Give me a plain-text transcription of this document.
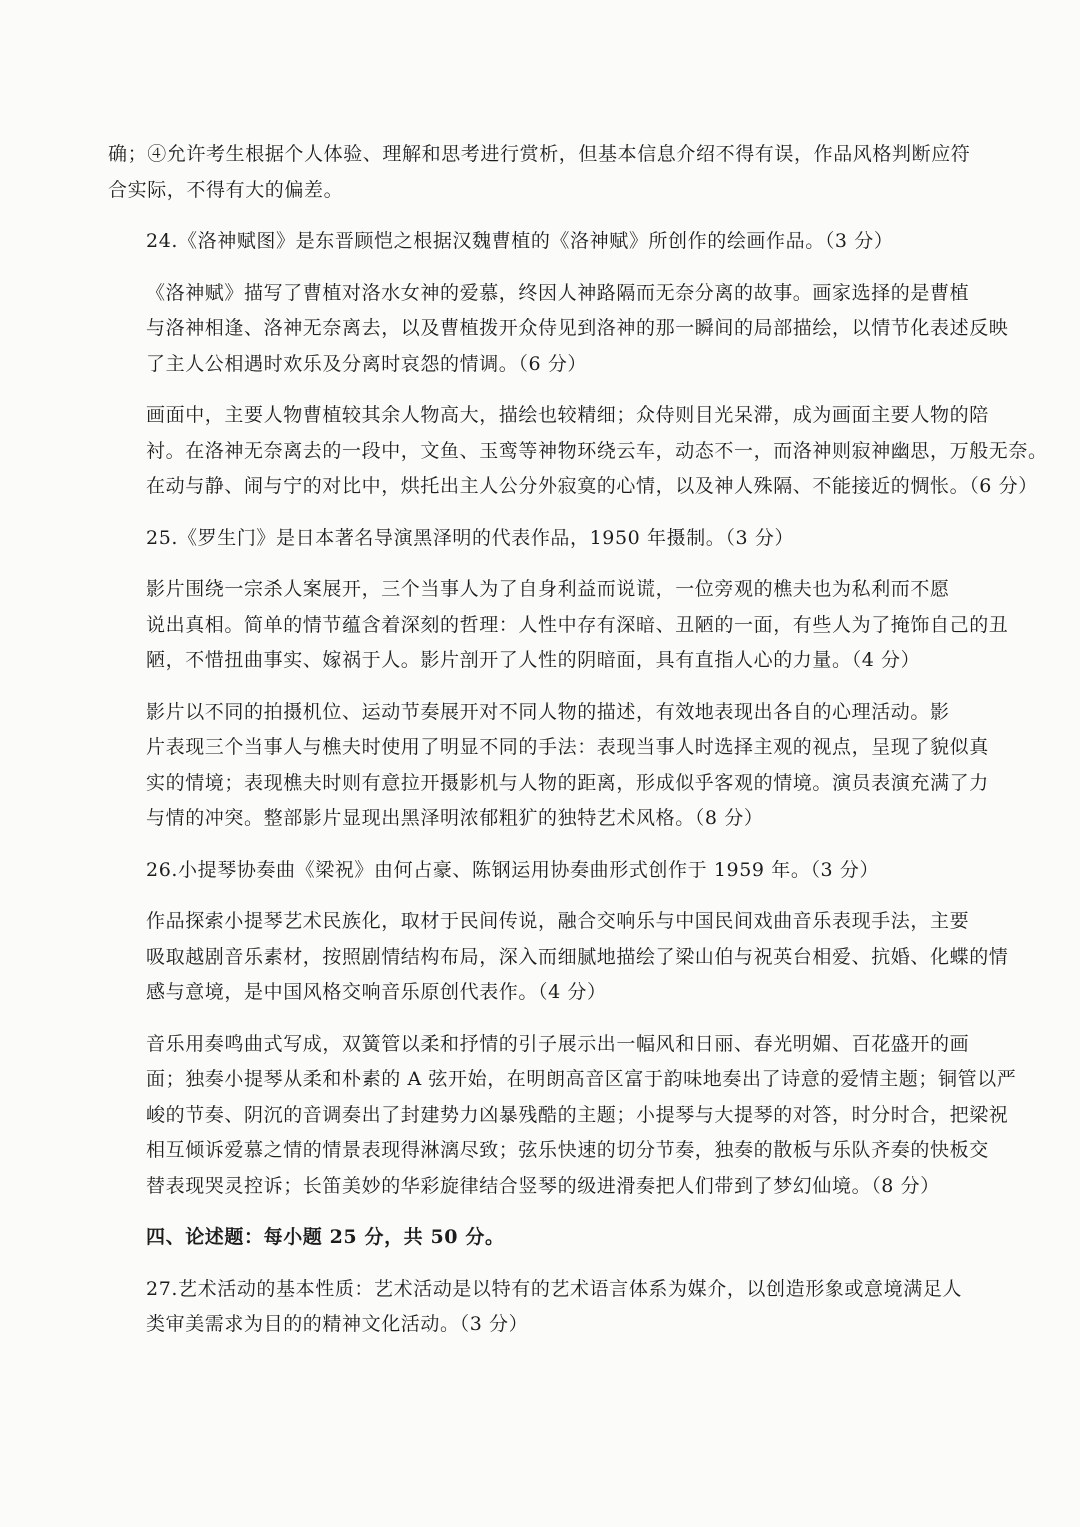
确；④允许考生根据个人体验、理解和思考进行赏析，但基本信息介绍不得有误，作品风格判断应符
合实际，不得有大的偏差。
24.《洛神赋图》是东晋顾恺之根据汉魏曹植的《洛神赋》所创作的绘画作品。（3 分）
《洛神赋》描写了曹植对洛水女神的爱慕，终因人神路隔而无奈分离的故事。画家选择的是曹植
与洛神相逢、洛神无奈离去，以及曹植拨开众侍见到洛神的那一瞬间的局部描绘，以情节化表述反映
了主人公相遇时欢乐及分离时哀怨的情调。（6 分）
画面中，主要人物曹植较其余人物高大，描绘也较精细；众侍则目光呆滞，成为画面主要人物的陪
衬。在洛神无奈离去的一段中，文鱼、玉鸾等神物环绕云车，动态不一，而洛神则寂神幽思，万般无奈。
在动与静、闹与宁的对比中，烘托出主人公分外寂寞的心情，以及神人殊隔、不能接近的惆怅。（6 分）
25.《罗生门》是日本著名导演黑泽明的代表作品，1950 年摄制。（3 分）
影片围绕一宗杀人案展开，三个当事人为了自身利益而说谎，一位旁观的樵夫也为私利而不愿
说出真相。简单的情节蕴含着深刻的哲理：人性中存有深暗、丑陋的一面，有些人为了掩饰自己的丑
陋，不惜扭曲事实、嫁祸于人。影片剖开了人性的阴暗面，具有直指人心的力量。（4 分）
影片以不同的拍摄机位、运动节奏展开对不同人物的描述，有效地表现出各自的心理活动。影
片表现三个当事人与樵夫时使用了明显不同的手法：表现当事人时选择主观的视点，呈现了貌似真
实的情境；表现樵夫时则有意拉开摄影机与人物的距离，形成似乎客观的情境。演员表演充满了力
与情的冲突。整部影片显现出黑泽明浓郁粗犷的独特艺术风格。（8 分）
26.小提琴协奏曲《梁祝》由何占豪、陈钢运用协奏曲形式创作于 1959 年。（3 分）
作品探索小提琴艺术民族化，取材于民间传说，融合交响乐与中国民间戏曲音乐表现手法，主要
吸取越剧音乐素材，按照剧情结构布局，深入而细腻地描绘了梁山伯与祝英台相爱、抗婚、化蝶的情
感与意境，是中国风格交响音乐原创代表作。（4 分）
音乐用奏鸣曲式写成，双簧管以柔和抒情的引子展示出一幅风和日丽、春光明媚、百花盛开的画
面；独奏小提琴从柔和朴素的 A 弦开始，在明朗高音区富于韵味地奏出了诗意的爱情主题；铜管以严
峻的节奏、阴沉的音调奏出了封建势力凶暴残酷的主题；小提琴与大提琴的对答，时分时合，把梁祝
相互倾诉爱慕之情的情景表现得淋漓尽致；弦乐快速的切分节奏，独奏的散板与乐队齐奏的快板交
替表现哭灵控诉；长笛美妙的华彩旋律结合竖琴的级进滑奏把人们带到了梦幻仙境。（8 分）
四、论述题：每小题 25 分，共 50 分。
27.艺术活动的基本性质：艺术活动是以特有的艺术语言体系为媒介，以创造形象或意境满足人
类审美需求为目的的精神文化活动。（3 分）
